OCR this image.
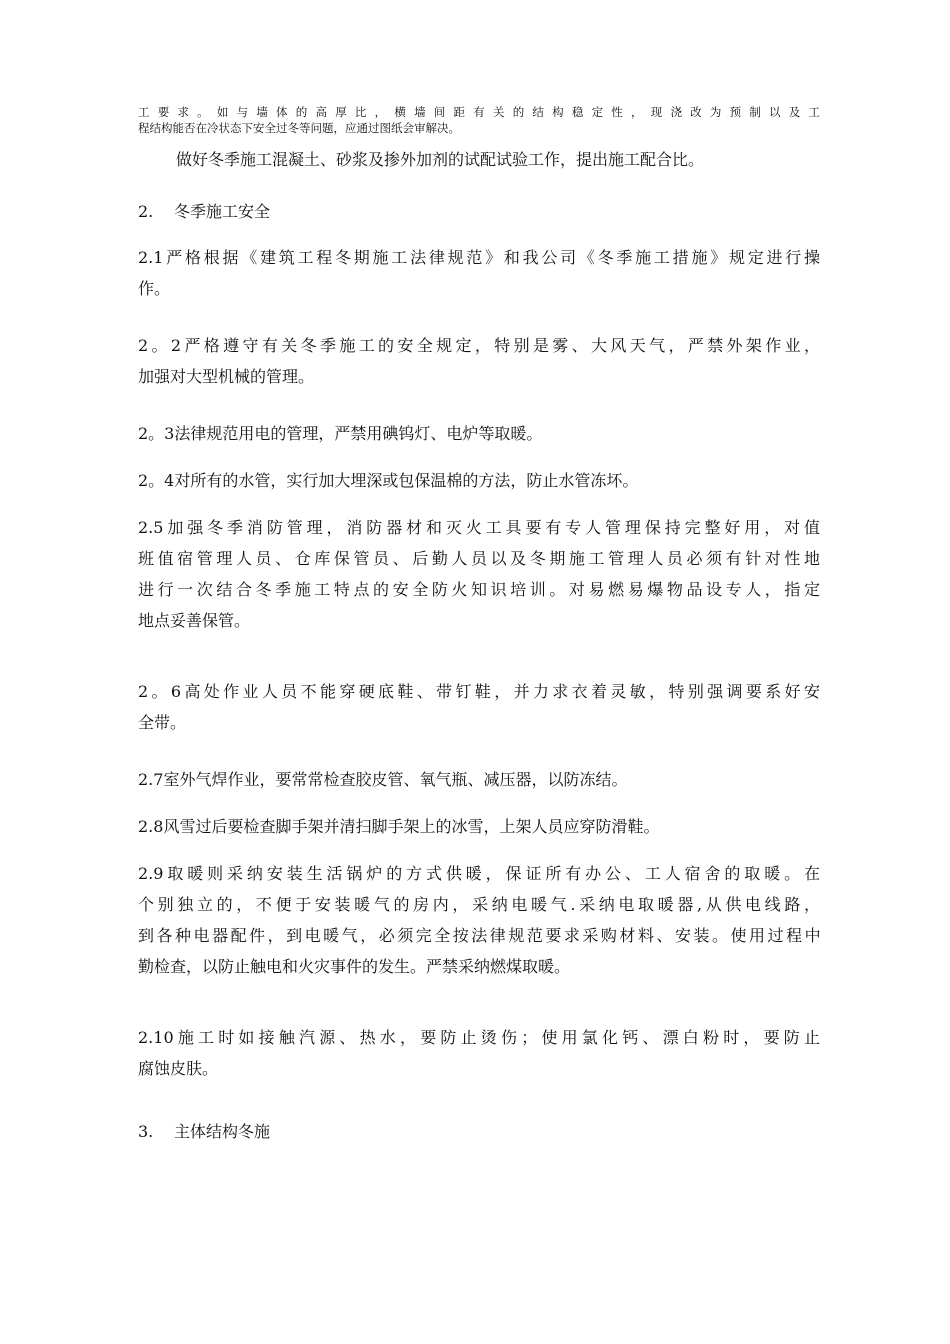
工要求。如与墙体的高厚比，横墙间距有关的结构稳定性，现浇改为预制以及工
程结构能否在冷状态下安全过冬等问题，应通过图纸会审解决。

做好冬季施工混凝土、砂浆及掺外加剂的试配试验工作，提出施工配合比。

2. 冬季施工安全

2.1严格根据《建筑工程冬期施工法律规范》和我公司《冬季施工措施》规定进行操
作。

2。2严格遵守有关冬季施工的安全规定，特别是雾、大风天气，严禁外架作业，
加强对大型机械的管理。

2。3法律规范用电的管理，严禁用碘钨灯、电炉等取暖。

2。4对所有的水管，实行加大埋深或包保温棉的方法，防止水管冻坏。

2.5加强冬季消防管理，消防器材和灭火工具要有专人管理保持完整好用，对值
班值宿管理人员、仓库保管员、后勤人员以及冬期施工管理人员必须有针对性地
进行一次结合冬季施工特点的安全防火知识培训。对易燃易爆物品设专人，指定
地点妥善保管。

2。6高处作业人员不能穿硬底鞋、带钉鞋，并力求衣着灵敏，特别强调要系好安
全带。

2.7室外气焊作业，要常常检查胶皮管、氧气瓶、减压器，以防冻结。

2.8风雪过后要检查脚手架并清扫脚手架上的冰雪，上架人员应穿防滑鞋。

2.9取暖则采纳安装生活锅炉的方式供暖，保证所有办公、工人宿舍的取暖。在
个别独立的，不便于安装暖气的房内，采纳电暖气.采纳电取暖器,从供电线路，
到各种电器配件，到电暖气，必须完全按法律规范要求采购材料、安装。使用过程中
勤检查，以防止触电和火灾事件的发生。严禁采纳燃煤取暖。

2.10施工时如接触汽源、热水，要防止烫伤；使用氯化钙、漂白粉时，要防止
腐蚀皮肤。

3. 主体结构冬施
